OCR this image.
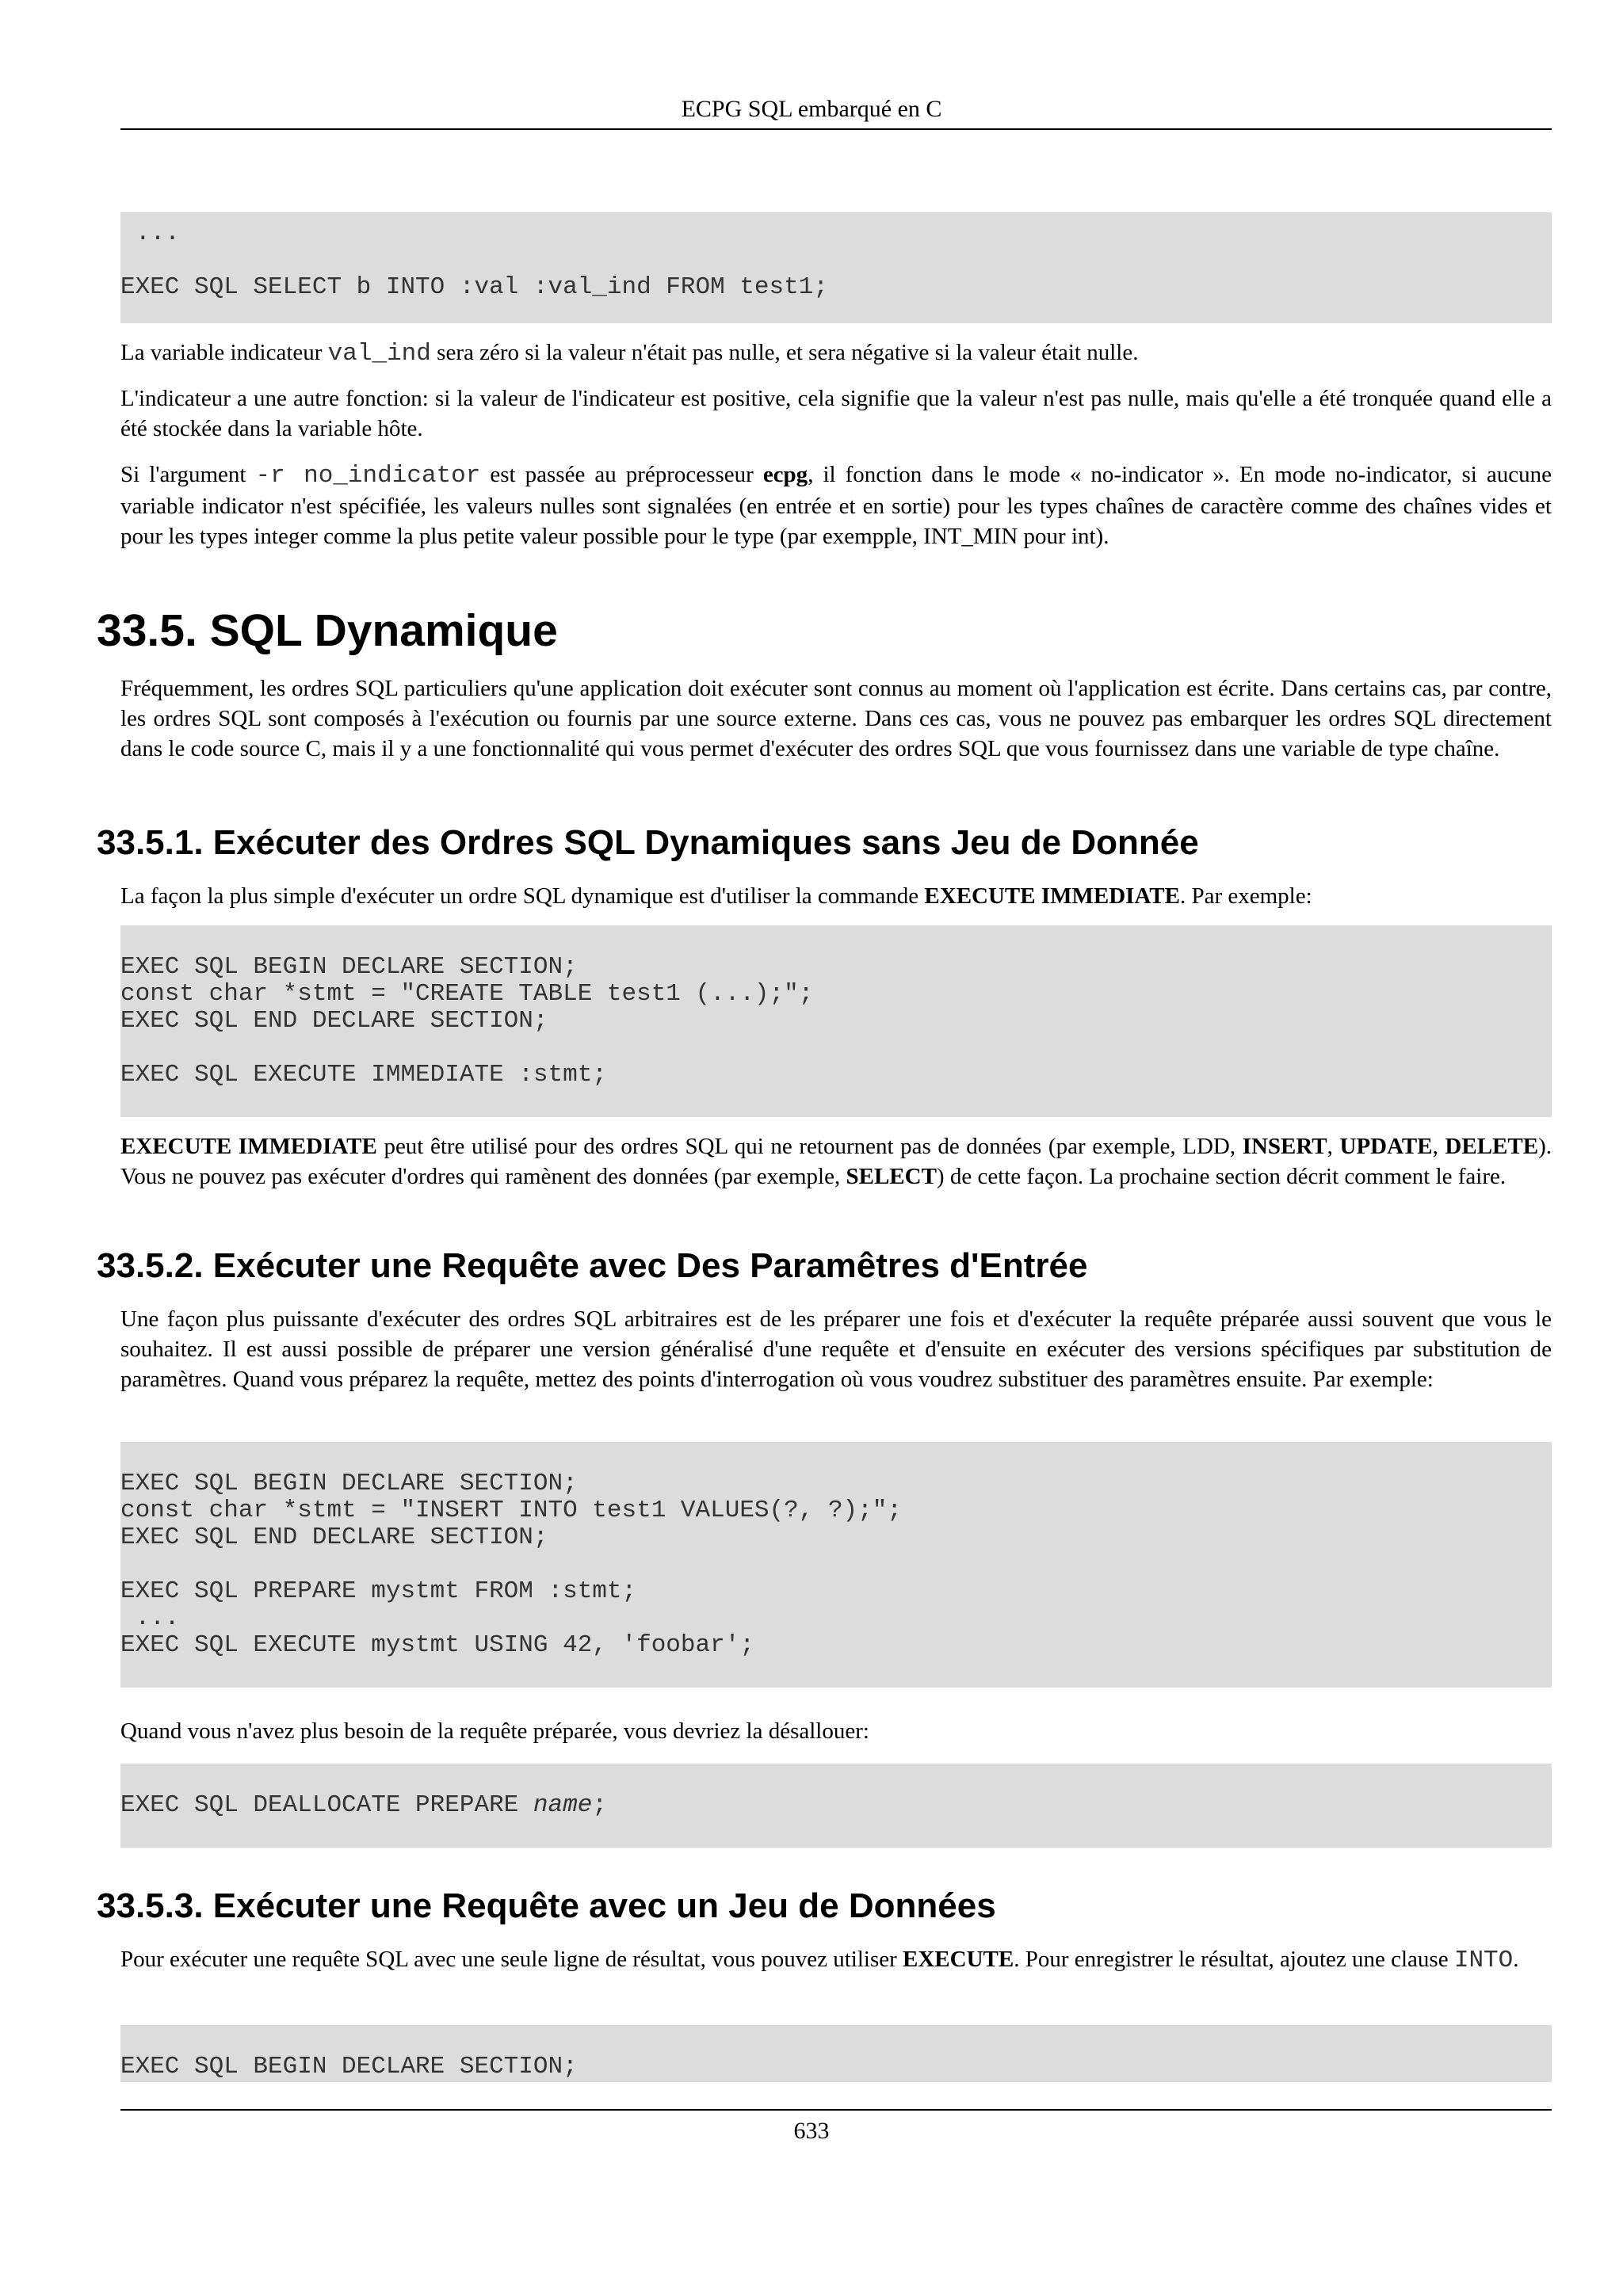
ECPG SQL embarqué en C
...
EXEC SQL SELECT b INTO :val :val_ind FROM test1;
La variable indicateur val_ind sera zéro si la valeur n'était pas nulle, et sera négative si la valeur était nulle.
L'indicateur a une autre fonction: si la valeur de l'indicateur est positive, cela signifie que la valeur n'est pas nulle, mais qu'elle a été tronquée quand elle a été stockée dans la variable hôte.
Si l'argument -r no_indicator est passée au préprocesseur ecpg, il fonction dans le mode « no-indicator ». En mode no-indicator, si aucune variable indicator n'est spécifiée, les valeurs nulles sont signalées (en entrée et en sortie) pour les types chaînes de caractère comme des chaînes vides et pour les types integer comme la plus petite valeur possible pour le type (par exempple, INT_MIN pour int).
33.5. SQL Dynamique
Fréquemment, les ordres SQL particuliers qu'une application doit exécuter sont connus au moment où l'application est écrite. Dans certains cas, par contre, les ordres SQL sont composés à l'exécution ou fournis par une source externe. Dans ces cas, vous ne pouvez pas embarquer les ordres SQL directement dans le code source C, mais il y a une fonctionnalité qui vous permet d'exécuter des ordres SQL que vous fournissez dans une variable de type chaîne.
33.5.1. Exécuter des Ordres SQL Dynamiques sans Jeu de Donnée
La façon la plus simple d'exécuter un ordre SQL dynamique est d'utiliser la commande EXECUTE IMMEDIATE. Par exemple:
EXEC SQL BEGIN DECLARE SECTION;
const char *stmt = "CREATE TABLE test1 (...);";
EXEC SQL END DECLARE SECTION;
EXEC SQL EXECUTE IMMEDIATE :stmt;
EXECUTE IMMEDIATE peut être utilisé pour des ordres SQL qui ne retournent pas de données (par exemple, LDD, INSERT, UPDATE, DELETE). Vous ne pouvez pas exécuter d'ordres qui ramènent des données (par exemple, SELECT) de cette façon. La prochaine section décrit comment le faire.
33.5.2. Exécuter une Requête avec Des Paramêtres d'Entrée
Une façon plus puissante d'exécuter des ordres SQL arbitraires est de les préparer une fois et d'exécuter la requête préparée aussi souvent que vous le souhaitez. Il est aussi possible de préparer une version généralisé d'une requête et d'ensuite en exécuter des versions spécifiques par substitution de paramètres. Quand vous préparez la requête, mettez des points d'interrogation où vous voudrez substituer des paramètres ensuite. Par exemple:
EXEC SQL BEGIN DECLARE SECTION;
const char *stmt = "INSERT INTO test1 VALUES(?, ?);";
EXEC SQL END DECLARE SECTION;
EXEC SQL PREPARE mystmt FROM :stmt;
...
EXEC SQL EXECUTE mystmt USING 42, 'foobar';
Quand vous n'avez plus besoin de la requête préparée, vous devriez la désallouer:
EXEC SQL DEALLOCATE PREPARE name;
33.5.3. Exécuter une Requête avec un Jeu de Données
Pour exécuter une requête SQL avec une seule ligne de résultat, vous pouvez utiliser EXECUTE. Pour enregistrer le résultat, ajoutez une clause INTO.
EXEC SQL BEGIN DECLARE SECTION;
633
